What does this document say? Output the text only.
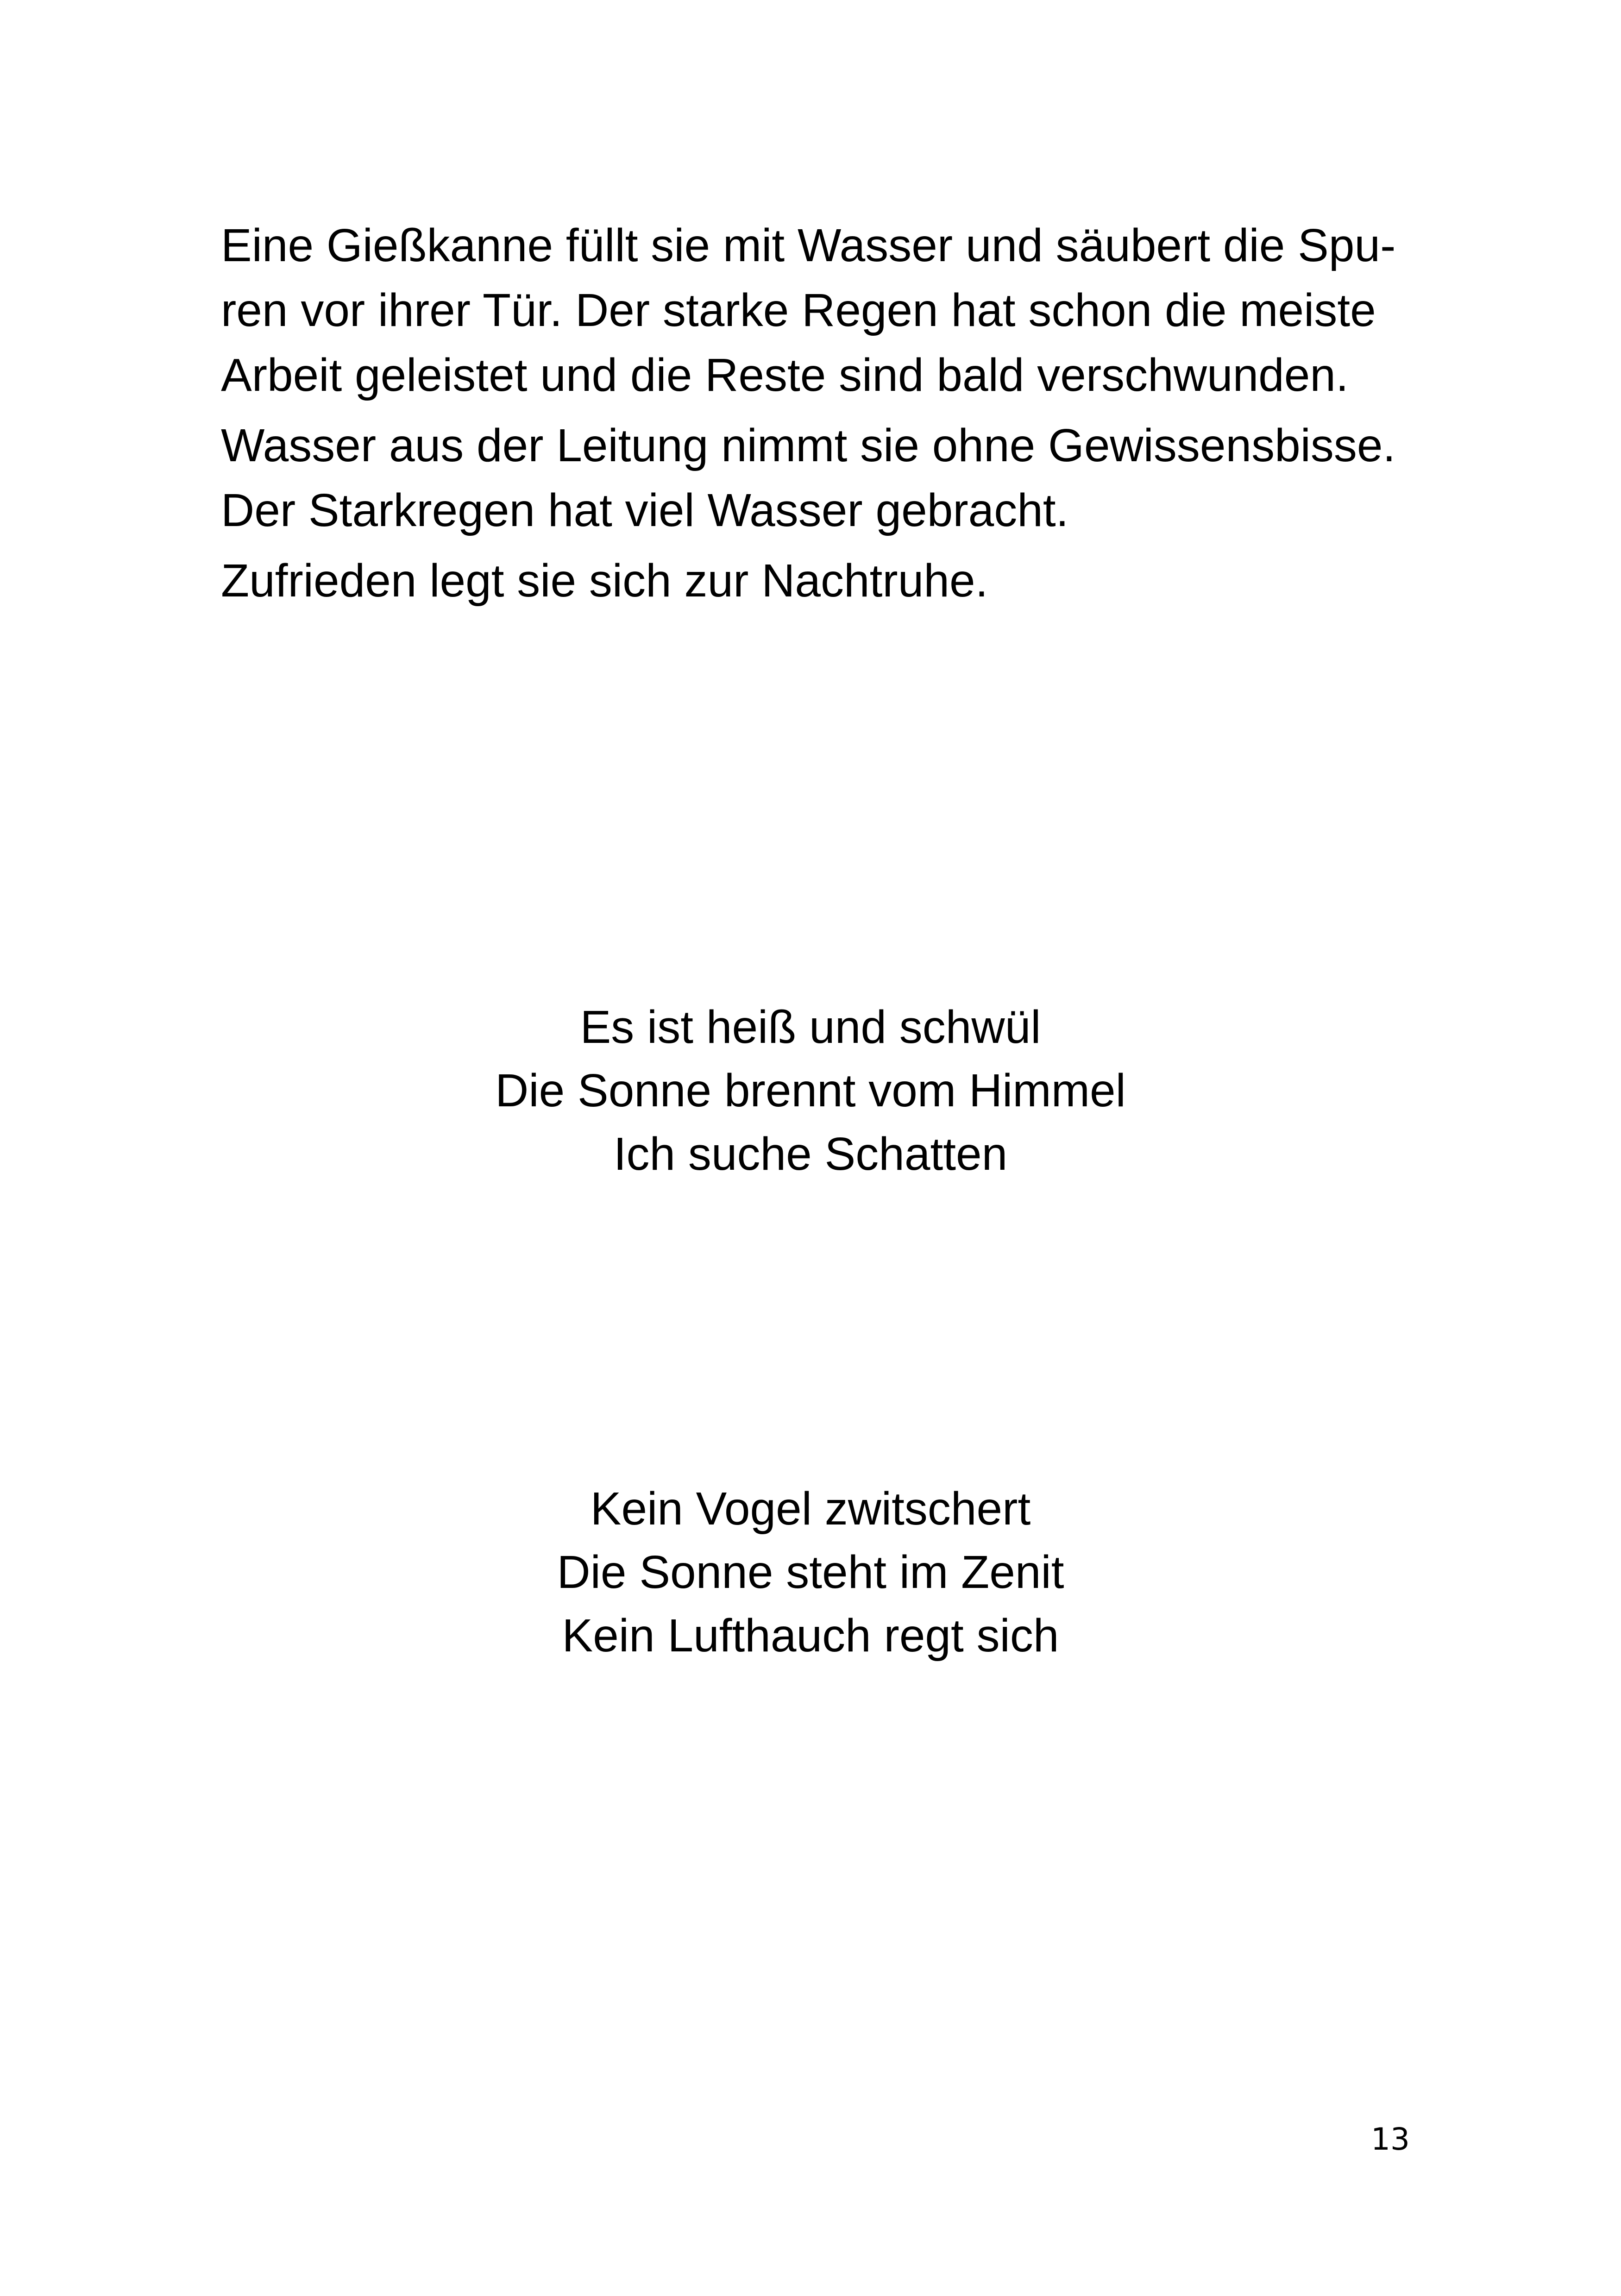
Eine Gießkanne füllt sie mit Wasser und säubert die Spu-
ren vor ihrer Tür. Der starke Regen hat schon die meiste
Arbeit geleistet und die Reste sind bald verschwunden.

Wasser aus der Leitung nimmt sie ohne Gewissensbisse.
Der Starkregen hat viel Wasser gebracht.

Zufrieden legt sie sich zur Nachtruhe.

Es ist heiß und schwül
Die Sonne brennt vom Himmel
Ich suche Schatten
Kein Vogel zwitschert
Die Sonne steht im Zenit
Kein Lufthauch regt sich
13
